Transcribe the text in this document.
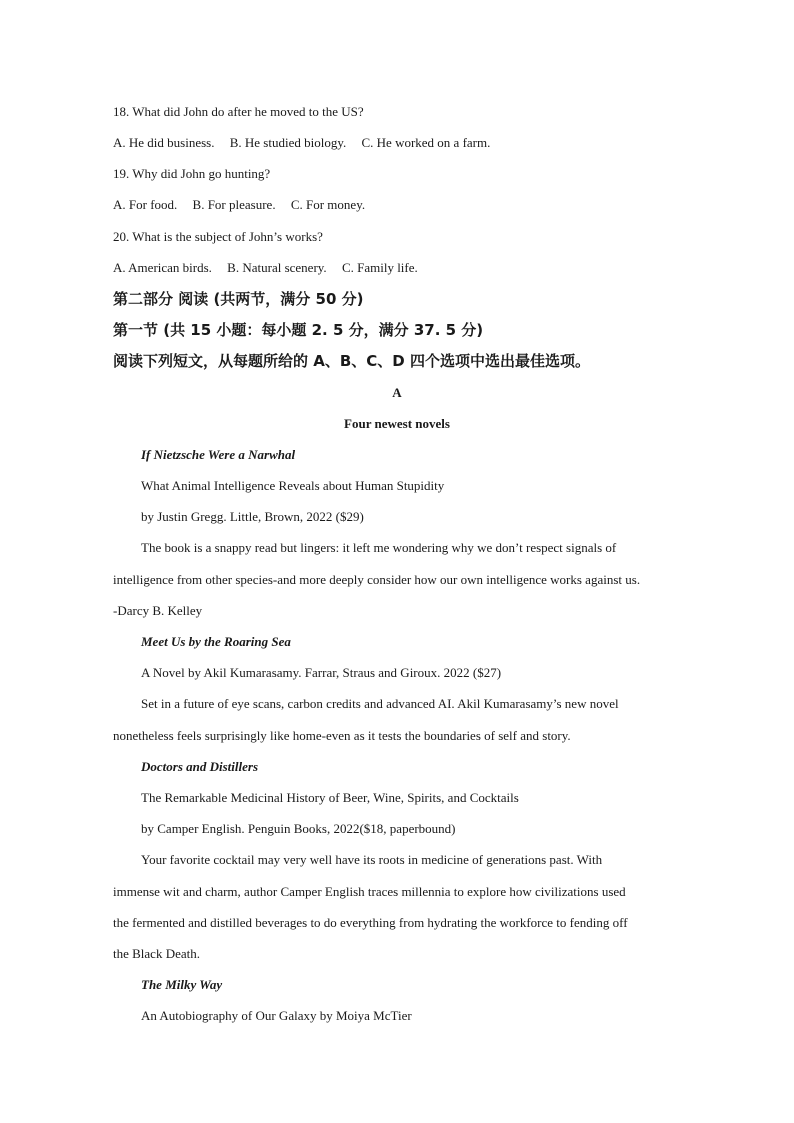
18. What did John do after he moved to the US?
A. He did business. B. He studied biology. C. He worked on a farm.
19. Why did John go hunting?
A. For food. B. For pleasure. C. For money.
20. What is the subject of John’s works?
A. American birds. B. Natural scenery. C. Family life.
第二部分 阅读 (共两节，满分 50 分)
第一节 (共 15 小题：每小题 2. 5 分，满分 37. 5 分)
阅读下列短文，从每题所给的 A、B、C、D 四个选项中选出最佳选项。
A
Four newest novels
If Nietzsche Were a Narwhal
What Animal Intelligence Reveals about Human Stupidity
by Justin Gregg. Little, Brown, 2022 ($29)
The book is a snappy read but lingers: it left me wondering why we don’t respect signals of
intelligence from other species-and more deeply consider how our own intelligence works against us.
-Darcy B. Kelley
Meet Us by the Roaring Sea
A Novel by Akil Kumarasamy. Farrar, Straus and Giroux. 2022 ($27)
Set in a future of eye scans, carbon credits and advanced AI. Akil Kumarasamy’s new novel
nonetheless feels surprisingly like home-even as it tests the boundaries of self and story.
Doctors and Distillers
The Remarkable Medicinal History of Beer, Wine, Spirits, and Cocktails
by Camper English. Penguin Books, 2022($18, paperbound)
Your favorite cocktail may very well have its roots in medicine of generations past. With
immense wit and charm, author Camper English traces millennia to explore how civilizations used
the fermented and distilled beverages to do everything from hydrating the workforce to fending off
the Black Death.
The Milky Way
An Autobiography of Our Galaxy by Moiya McTier
